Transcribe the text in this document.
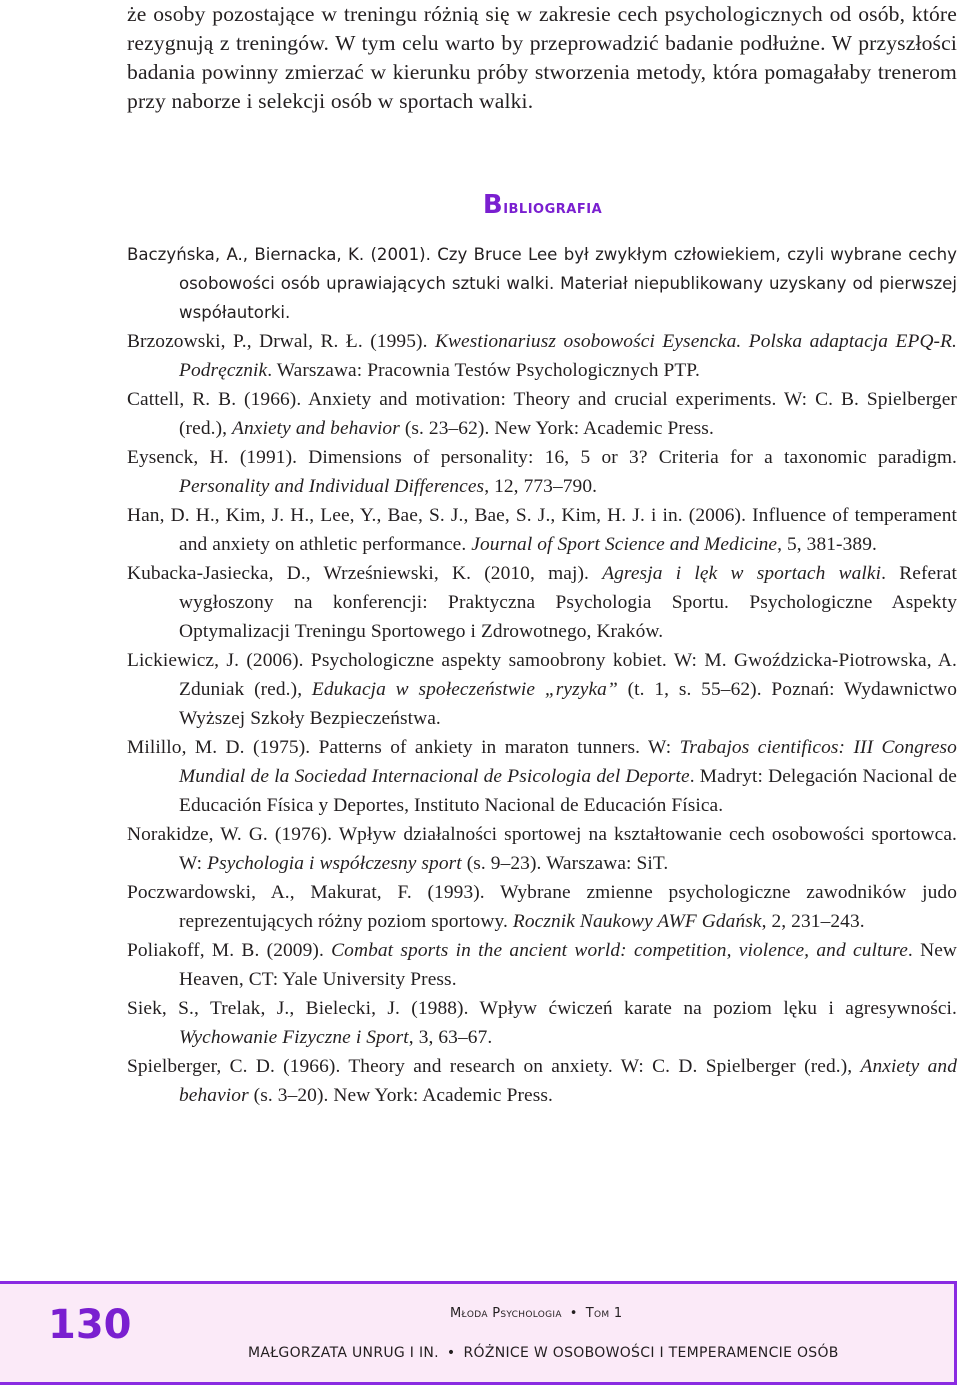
że osoby pozostające w treningu różnią się w zakresie cech psychologicznych od osób, które rezygnują z treningów. W tym celu warto by przeprowadzić badanie podłużne. W przyszłości badania powinny zmierzać w kierunku próby stworzenia metody, która pomagałaby trenerom przy naborze i selekcji osób w sportach walki.

Bibliografia
Baczyńska, A., Biernacka, K. (2001). Czy Bruce Lee był zwykłym człowiekiem, czyli wybrane cechy osobowości osób uprawiających sztuki walki. Materiał niepublikowany uzyskany od pierwszej współautorki.
Brzozowski, P., Drwal, R. Ł. (1995). Kwestionariusz osobowości Eysencka. Polska adaptacja EPQ-R. Podręcznik. Warszawa: Pracownia Testów Psychologicznych PTP.
Cattell, R. B. (1966). Anxiety and motivation: Theory and crucial experiments. W: C. B. Spielberger (red.), Anxiety and behavior (s. 23–62). New York: Academic Press.
Eysenck, H. (1991). Dimensions of personality: 16, 5 or 3? Criteria for a taxonomic paradigm. Personality and Individual Differences, 12, 773–790.
Han, D. H., Kim, J. H., Lee, Y., Bae, S. J., Bae, S. J., Kim, H. J. i in. (2006). Influence of temperament and anxiety on athletic performance. Journal of Sport Science and Medicine, 5, 381-389.
Kubacka-Jasiecka, D., Wrześniewski, K. (2010, maj). Agresja i lęk w sportach walki. Referat wygłoszony na konferencji: Praktyczna Psychologia Sportu. Psychologiczne Aspekty Optymalizacji Treningu Sportowego i Zdrowotnego, Kraków.
Lickiewicz, J. (2006). Psychologiczne aspekty samoobrony kobiet. W: M. Gwoździcka-Piotrowska, A. Zduniak (red.), Edukacja w społeczeństwie „ryzyka” (t. 1, s. 55–62). Poznań: Wydawnictwo Wyższej Szkoły Bezpieczeństwa.
Milillo, M. D. (1975). Patterns of ankiety in maraton tunners. W: Trabajos cientificos: III Congreso Mundial de la Sociedad Internacional de Psicologia del Deporte. Madryt: Delegación Nacional de Educación Física y Deportes, Instituto Nacional de Educación Física.
Norakidze, W. G. (1976). Wpływ działalności sportowej na kształtowanie cech osobowości sportowca. W: Psychologia i współczesny sport (s. 9–23). Warszawa: SiT.
Poczwardowski, A., Makurat, F. (1993). Wybrane zmienne psychologiczne zawodników judo reprezentujących różny poziom sportowy. Rocznik Naukowy AWF Gdańsk, 2, 231–243.
Poliakoff, M. B. (2009). Combat sports in the ancient world: competition, violence, and culture. New Heaven, CT: Yale University Press.
Siek, S., Trelak, J., Bielecki, J. (1988). Wpływ ćwiczeń karate na poziom lęku i agresywności. Wychowanie Fizyczne i Sport, 3, 63–67.
Spielberger, C. D. (1966). Theory and research on anxiety. W: C. D. Spielberger (red.), Anxiety and behavior (s. 3–20). New York: Academic Press.
130	Młoda Psychologia • Tom 1
MAŁGORZATA UNRUG I IN. • RÓŻNICE W OSOBOWOŚCI I TEMPERAMENCIE OSÓB
